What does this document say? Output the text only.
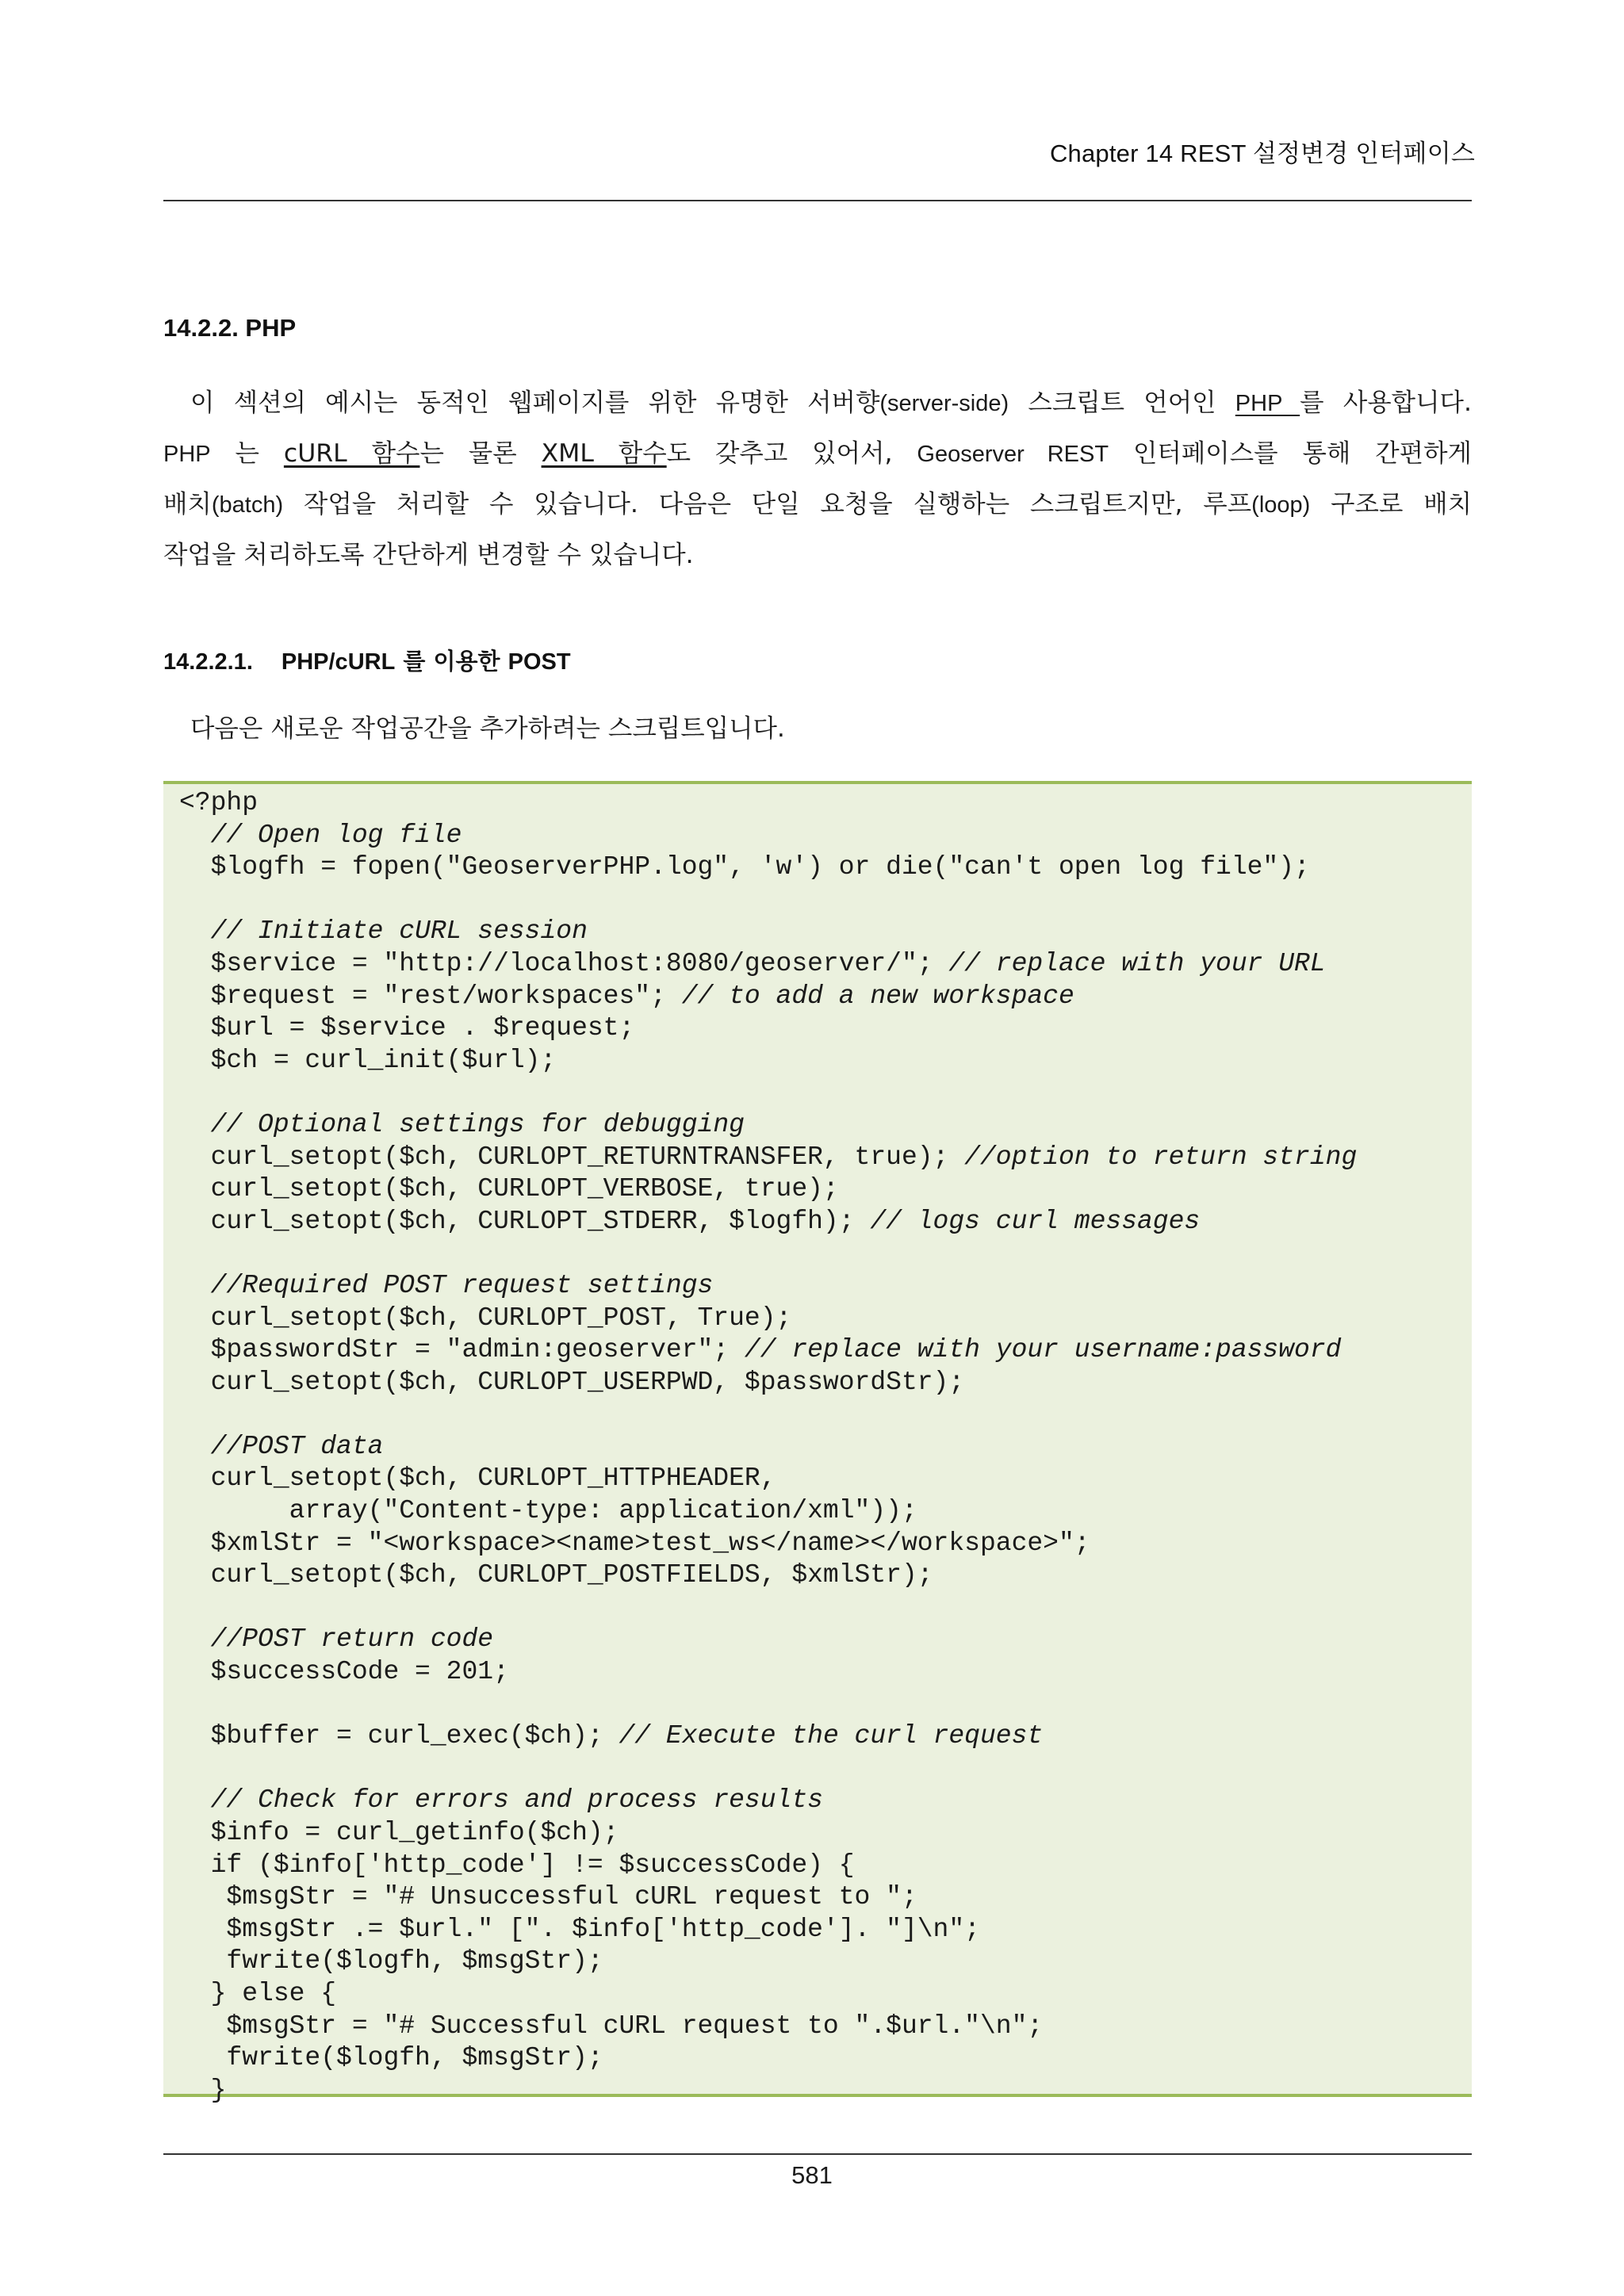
Chapter 14 REST 설정변경 인터페이스
14.2.2. PHP
이 섹션의 예시는 동적인 웹페이지를 위한 유명한 서버향(server-side) 스크립트 언어인 PHP 를 사용합니다.
PHP 는 cURL 함수는 물론 XML 함수도 갖추고 있어서, Geoserver REST 인터페이스를 통해 간편하게
배치(batch) 작업을 처리할 수 있습니다. 다음은 단일 요청을 실행하는 스크립트지만, 루프(loop) 구조로 배치
작업을 처리하도록 간단하게 변경할 수 있습니다.
14.2.2.1. PHP/cURL 를 이용한 POST

다음은 새로운 작업공간을 추가하려는 스크립트입니다.

<?php
// Open log file
$logfh = fopen("GeoserverPHP.log", 'w') or die("can't open log file");

// Initiate cURL session
$service = "http://localhost:8080/geoserver/"; // replace with your URL
$request = "rest/workspaces"; // to add a new workspace
$url = $service . $request;
$ch = curl_init($url);

// Optional settings for debugging
curl_setopt($ch, CURLOPT_RETURNTRANSFER, true); //option to return string
curl_setopt($ch, CURLOPT_VERBOSE, true);
curl_setopt($ch, CURLOPT_STDERR, $logfh); // logs curl messages

//Required POST request settings
curl_setopt($ch, CURLOPT_POST, True);
$passwordStr = "admin:geoserver"; // replace with your username:password
curl_setopt($ch, CURLOPT_USERPWD, $passwordStr);

//POST data
curl_setopt($ch, CURLOPT_HTTPHEADER,
array("Content-type: application/xml"));
$xmlStr = "<workspace><name>test_ws</name></workspace>";
curl_setopt($ch, CURLOPT_POSTFIELDS, $xmlStr);

//POST return code
$successCode = 201;

$buffer = curl_exec($ch); // Execute the curl request

// Check for errors and process results
$info = curl_getinfo($ch);
if ($info['http_code'] != $successCode) {
$msgStr = "# Unsuccessful cURL request to ";
$msgStr .= $url." [". $info['http_code']. "]\n";
fwrite($logfh, $msgStr);
} else {
$msgStr = "# Successful cURL request to ".$url."\n";
fwrite($logfh, $msgStr);
}
581
